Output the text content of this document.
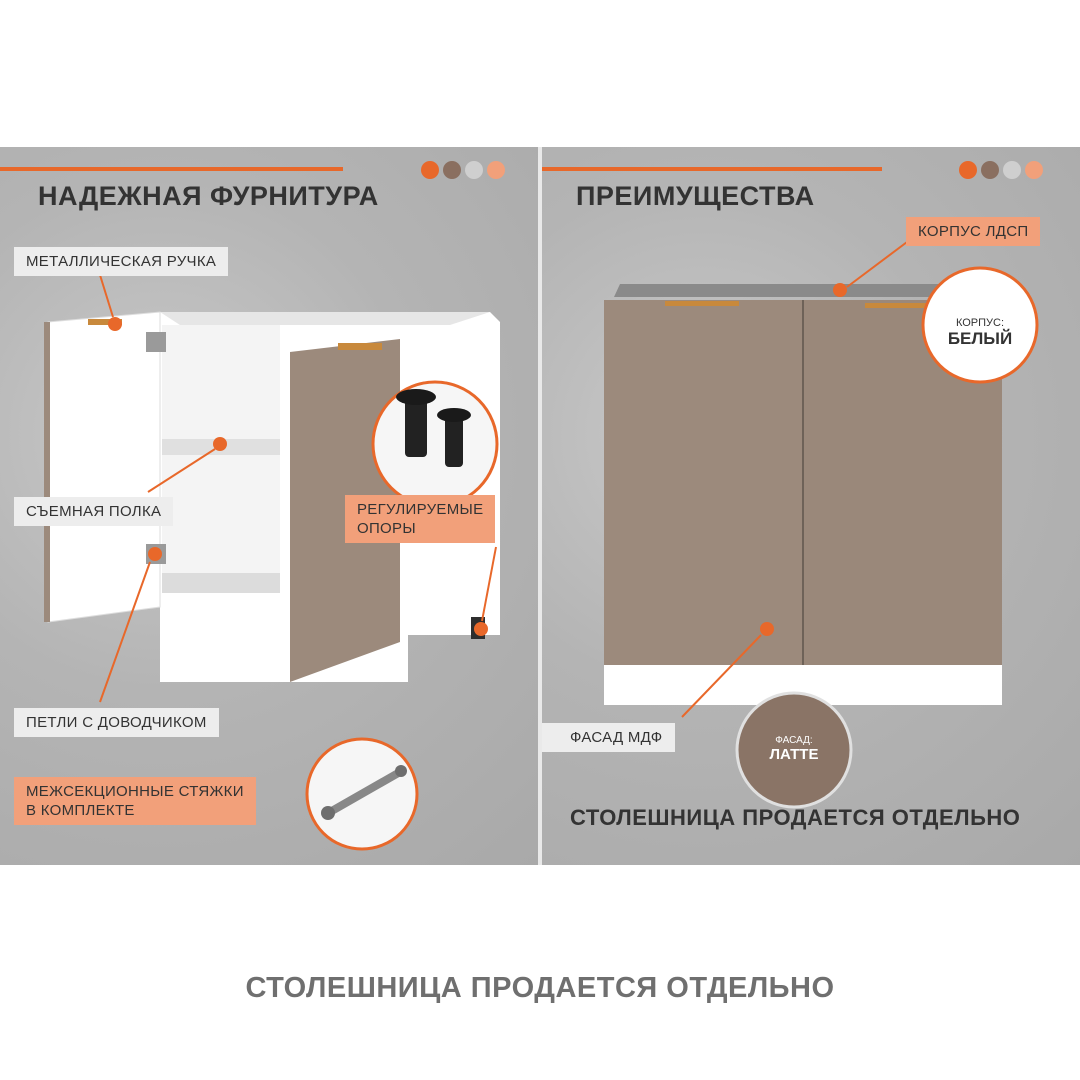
НАДЕЖНАЯ ФУРНИТУРА
МЕТАЛЛИЧЕСКАЯ РУЧКА
СЪЕМНАЯ ПОЛКА	РЕГУЛИРУЕМЫЕ
ОПОРЫ
ПЕТЛИ С ДОВОДЧИКОМ
МЕЖСЕКЦИОННЫЕ СТЯЖКИ
В КОМПЛЕКТЕ
ПРЕИМУЩЕСТВА
КОРПУС ЛДСП
ФАСАД МДФ
КОРПУС:
БЕЛЫЙ
ФАСАД:
ЛАТТЕ
СТОЛЕШНИЦА ПРОДАЕТСЯ ОТДЕЛЬНО
СТОЛЕШНИЦА ПРОДАЕТСЯ ОТДЕЛЬНО
